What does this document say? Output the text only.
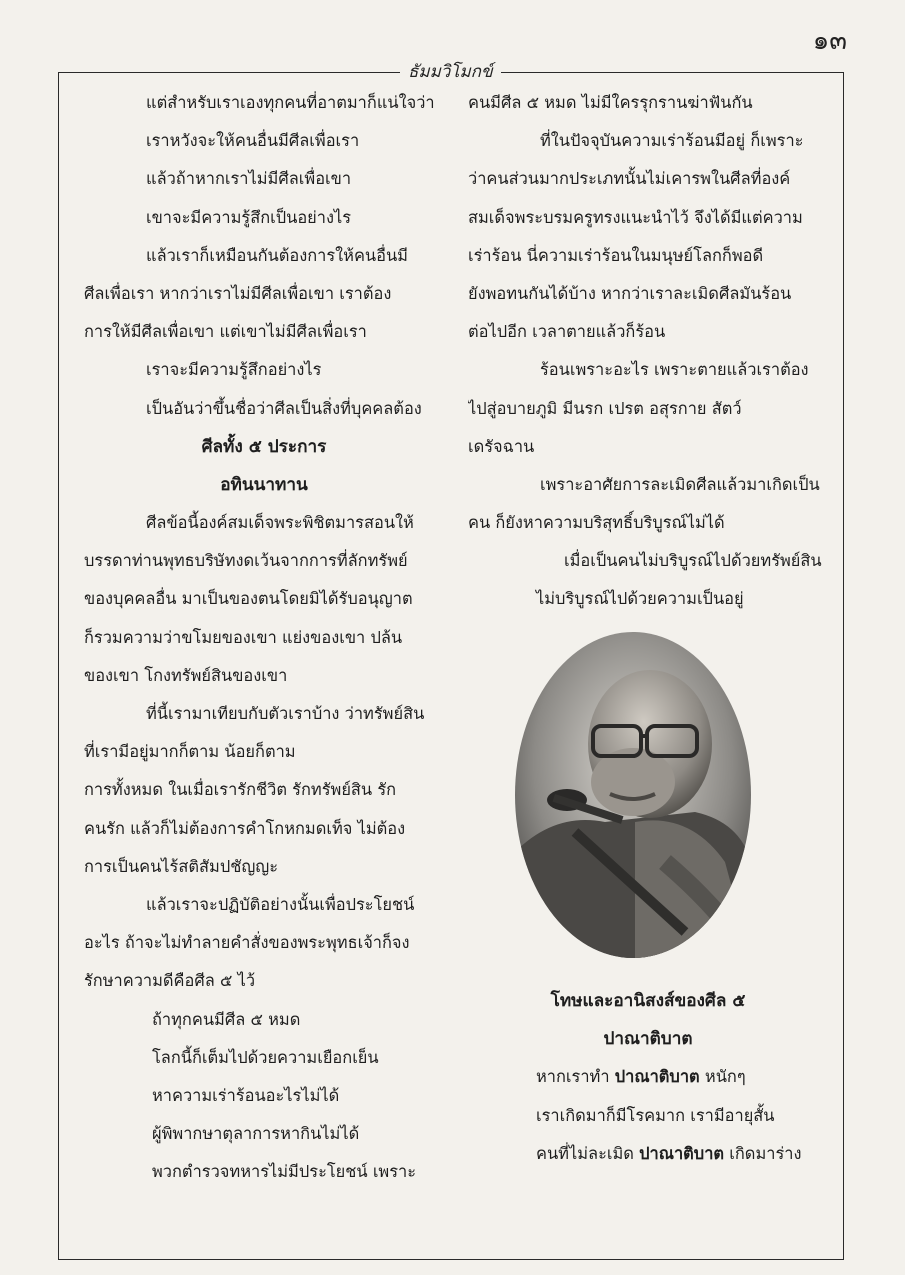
๑๓
ธัมมวิโมกข์
แต่สำหรับเราเองทุกคนที่อาตมาก็แน่ใจว่า
เราหวังจะให้คนอื่นมีศีลเพื่อเรา
แล้วถ้าหากเราไม่มีศีลเพื่อเขา
เขาจะมีความรู้สึกเป็นอย่างไร
แล้วเราก็เหมือนกันต้องการให้คนอื่นมี
ศีลเพื่อเรา หากว่าเราไม่มีศีลเพื่อเขา เราต้อง
การให้มีศีลเพื่อเขา แต่เขาไม่มีศีลเพื่อเรา
เราจะมีความรู้สึกอย่างไร
เป็นอันว่าขึ้นชื่อว่าศีลเป็นสิ่งที่บุคคลต้อง
ศีลทั้ง ๕ ประการ
อทินนาทาน
ศีลข้อนี้องค์สมเด็จพระพิชิตมารสอนให้
บรรดาท่านพุทธบริษัทงดเว้นจากการที่ลักทรัพย์
ของบุคคลอื่น มาเป็นของตนโดยมิได้รับอนุญาต
ก็รวมความว่าขโมยของเขา แย่งของเขา ปล้น
ของเขา โกงทรัพย์สินของเขา
ที่นี้เรามาเทียบกับตัวเราบ้าง ว่าทรัพย์สิน
ที่เรามีอยู่มากก็ตาม น้อยก็ตาม
การทั้งหมด ในเมื่อเรารักชีวิต รักทรัพย์สิน รัก
คนรัก แล้วก็ไม่ต้องการคำโกหกมดเท็จ ไม่ต้อง
การเป็นคนไร้สติสัมปชัญญะ
แล้วเราจะปฏิบัติอย่างนั้นเพื่อประโยชน์
อะไร ถ้าจะไม่ทำลายคำสั่งของพระพุทธเจ้าก็จง
รักษาความดีคือศีล ๕ ไว้
ถ้าทุกคนมีศีล ๕ หมด
โลกนี้ก็เต็มไปด้วยความเยือกเย็น
หาความเร่าร้อนอะไรไม่ได้
ผู้พิพากษาตุลาการหากินไม่ได้
พวกตำรวจทหารไม่มีประโยชน์ เพราะ
คนมีศีล ๕ หมด ไม่มีใครรุกรานฆ่าฟันกัน
ที่ในปัจจุบันความเร่าร้อนมีอยู่ ก็เพราะ
ว่าคนส่วนมากประเภทนั้นไม่เคารพในศีลที่องค์
สมเด็จพระบรมครูทรงแนะนำไว้ จึงได้มีแต่ความ
เร่าร้อน นี่ความเร่าร้อนในมนุษย์โลกก็พอดี
ยังพอทนกันได้บ้าง หากว่าเราละเมิดศีลมันร้อน
ต่อไปอีก เวลาตายแล้วก็ร้อน
ร้อนเพราะอะไร เพราะตายแล้วเราต้อง
ไปสู่อบายภูมิ มีนรก เปรต อสุรกาย สัตว์
เดรัจฉาน
เพราะอาศัยการละเมิดศีลแล้วมาเกิดเป็น
คน ก็ยังหาความบริสุทธิ์บริบูรณ์ไม่ได้
เมื่อเป็นคนไม่บริบูรณ์ไปด้วยทรัพย์สิน
ไม่บริบูรณ์ไปด้วยความเป็นอยู่
โทษและอานิสงส์ของศีล ๕
ปาณาติบาต
หากเราทำ ปาณาติบาต หนักๆ
เราเกิดมาก็มีโรคมาก เรามีอายุสั้น
คนที่ไม่ละเมิด ปาณาติบาต เกิดมาร่าง
